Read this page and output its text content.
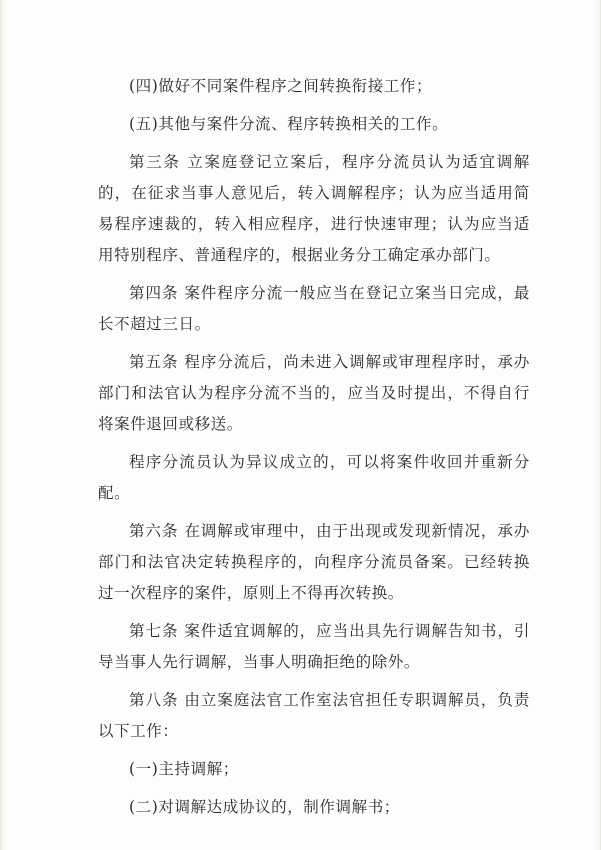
(四)做好不同案件程序之间转换衔接工作；

(五)其他与案件分流、程序转换相关的工作。

第三条 立案庭登记立案后，程序分流员认为适宜调解的，在征求当事人意见后，转入调解程序；认为应当适用简易程序速裁的，转入相应程序，进行快速审理；认为应当适用特别程序、普通程序的，根据业务分工确定承办部门。

第四条 案件程序分流一般应当在登记立案当日完成，最长不超过三日。

第五条 程序分流后，尚未进入调解或审理程序时，承办部门和法官认为程序分流不当的，应当及时提出，不得自行将案件退回或移送。

程序分流员认为异议成立的，可以将案件收回并重新分配。

第六条 在调解或审理中，由于出现或发现新情况，承办部门和法官决定转换程序的，向程序分流员备案。已经转换过一次程序的案件，原则上不得再次转换。

第七条 案件适宜调解的，应当出具先行调解告知书，引导当事人先行调解，当事人明确拒绝的除外。

第八条 由立案庭法官工作室法官担任专职调解员，负责以下工作：

(一)主持调解；

(二)对调解达成协议的，制作调解书；
